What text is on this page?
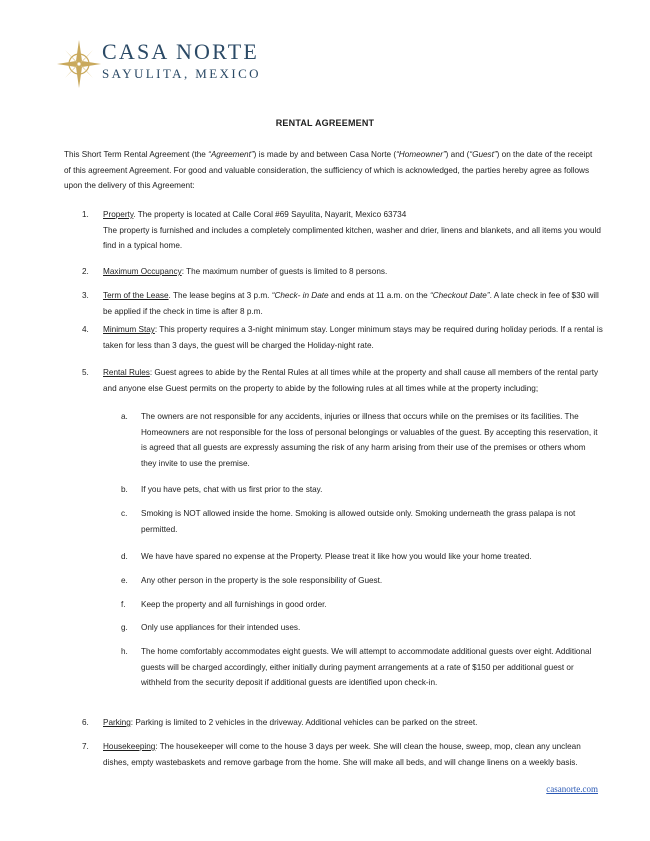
CASA NORTE
SAYULITA, MEXICO
RENTAL AGREEMENT
This Short Term Rental Agreement (the “Agreement”) is made by and between Casa Norte (“Homeowner”) and (“Guest”) on the date of the receipt of this agreement Agreement. For good and valuable consideration, the sufficiency of which is acknowledged, the parties hereby agree as follows upon the delivery of this Agreement:
1. Property. The property is located at Calle Coral #69 Sayulita, Nayarit, Mexico 63734
The property is furnished and includes a completely complimented kitchen, washer and drier, linens and blankets, and all items you would find in a typical home.
2. Maximum Occupancy: The maximum number of guests is limited to 8 persons.
3. Term of the Lease. The lease begins at 3 p.m. “Check- in Date and ends at 11 a.m. on the “Checkout Date”. A late check in fee of $30 will be applied if the check in time is after 8 p.m.
4. Minimum Stay: This property requires a 3-night minimum stay. Longer minimum stays may be required during holiday periods. If a rental is taken for less than 3 days, the guest will be charged the Holiday-night rate.
5. Rental Rules: Guest agrees to abide by the Rental Rules at all times while at the property and shall cause all members of the rental party and anyone else Guest permits on the property to abide by the following rules at all times while at the property including;
a. The owners are not responsible for any accidents, injuries or illness that occurs while on the premises or its facilities. The Homeowners are not responsible for the loss of personal belongings or valuables of the guest. By accepting this reservation, it is agreed that all guests are expressly assuming the risk of any harm arising from their use of the premises or others whom they invite to use the premise.
b. If you have pets, chat with us first prior to the stay.
c. Smoking is NOT allowed inside the home. Smoking is allowed outside only. Smoking underneath the grass palapa is not permitted.
d. We have have spared no expense at the Property. Please treat it like how you would like your home treated.
e. Any other person in the property is the sole responsibility of Guest.
f. Keep the property and all furnishings in good order.
g. Only use appliances for their intended uses.
h. The home comfortably accommodates eight guests. We will attempt to accommodate additional guests over eight. Additional guests will be charged accordingly, either initially during payment arrangements at a rate of $150 per additional guest or withheld from the security deposit if additional guests are identified upon check-in.
6. Parking: Parking is limited to 2 vehicles in the driveway. Additional vehicles can be parked on the street.
7. Housekeeping: The housekeeper will come to the house 3 days per week. She will clean the house, sweep, mop, clean any unclean dishes, empty wastebaskets and remove garbage from the home. She will make all beds, and will change linens on a weekly basis.
casanorte.com
